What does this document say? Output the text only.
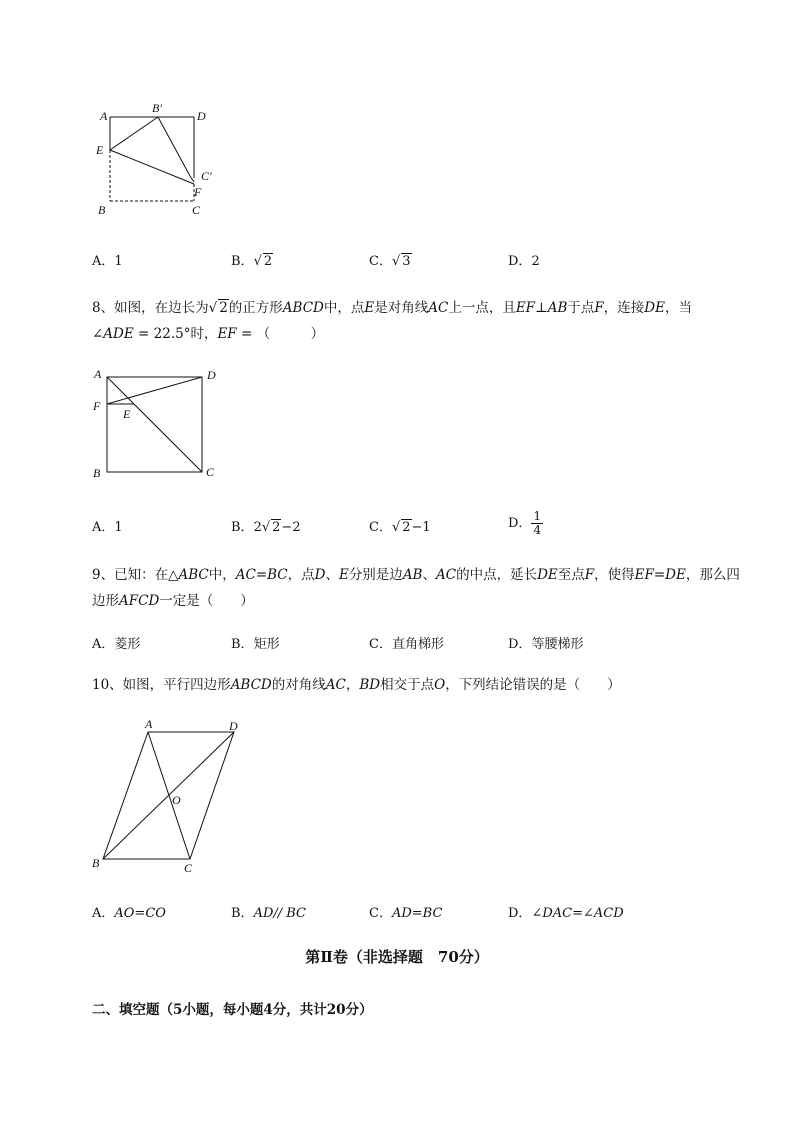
A
B′
D
E
C′
F
B	C
A．1	B．√ 2	C．√ 3	D．2
8、如图，在边长为√ 2的正方形ABCD中，点E是对角线AC上一点，且EF⊥AB于点F，连接DE，当
∠ADE = 22.5°时，EF = （　　　）
A	D
F
E
B	C
A．1	B．2√ 2−2	C．√ 2−1	D． $\frac{1}{4}$
9、已知：在△ABC中，AC=BC，点D、E分别是边AB、AC的中点，延长DE至点F，使得EF=DE，那么四边形AFCD一定是（　　）
A．菱形	B．矩形	C．直角梯形	D．等腰梯形
10、如图，平行四边形ABCD的对角线AC，BD相交于点O，下列结论错误的是（　　）
A	D
O
B	C
A．AO=CO	B．AD// BC	C．AD=BC	D．∠DAC=∠ACD
第Ⅱ卷（非选择题　70分）
二、填空题（5小题，每小题4分，共计20分）
